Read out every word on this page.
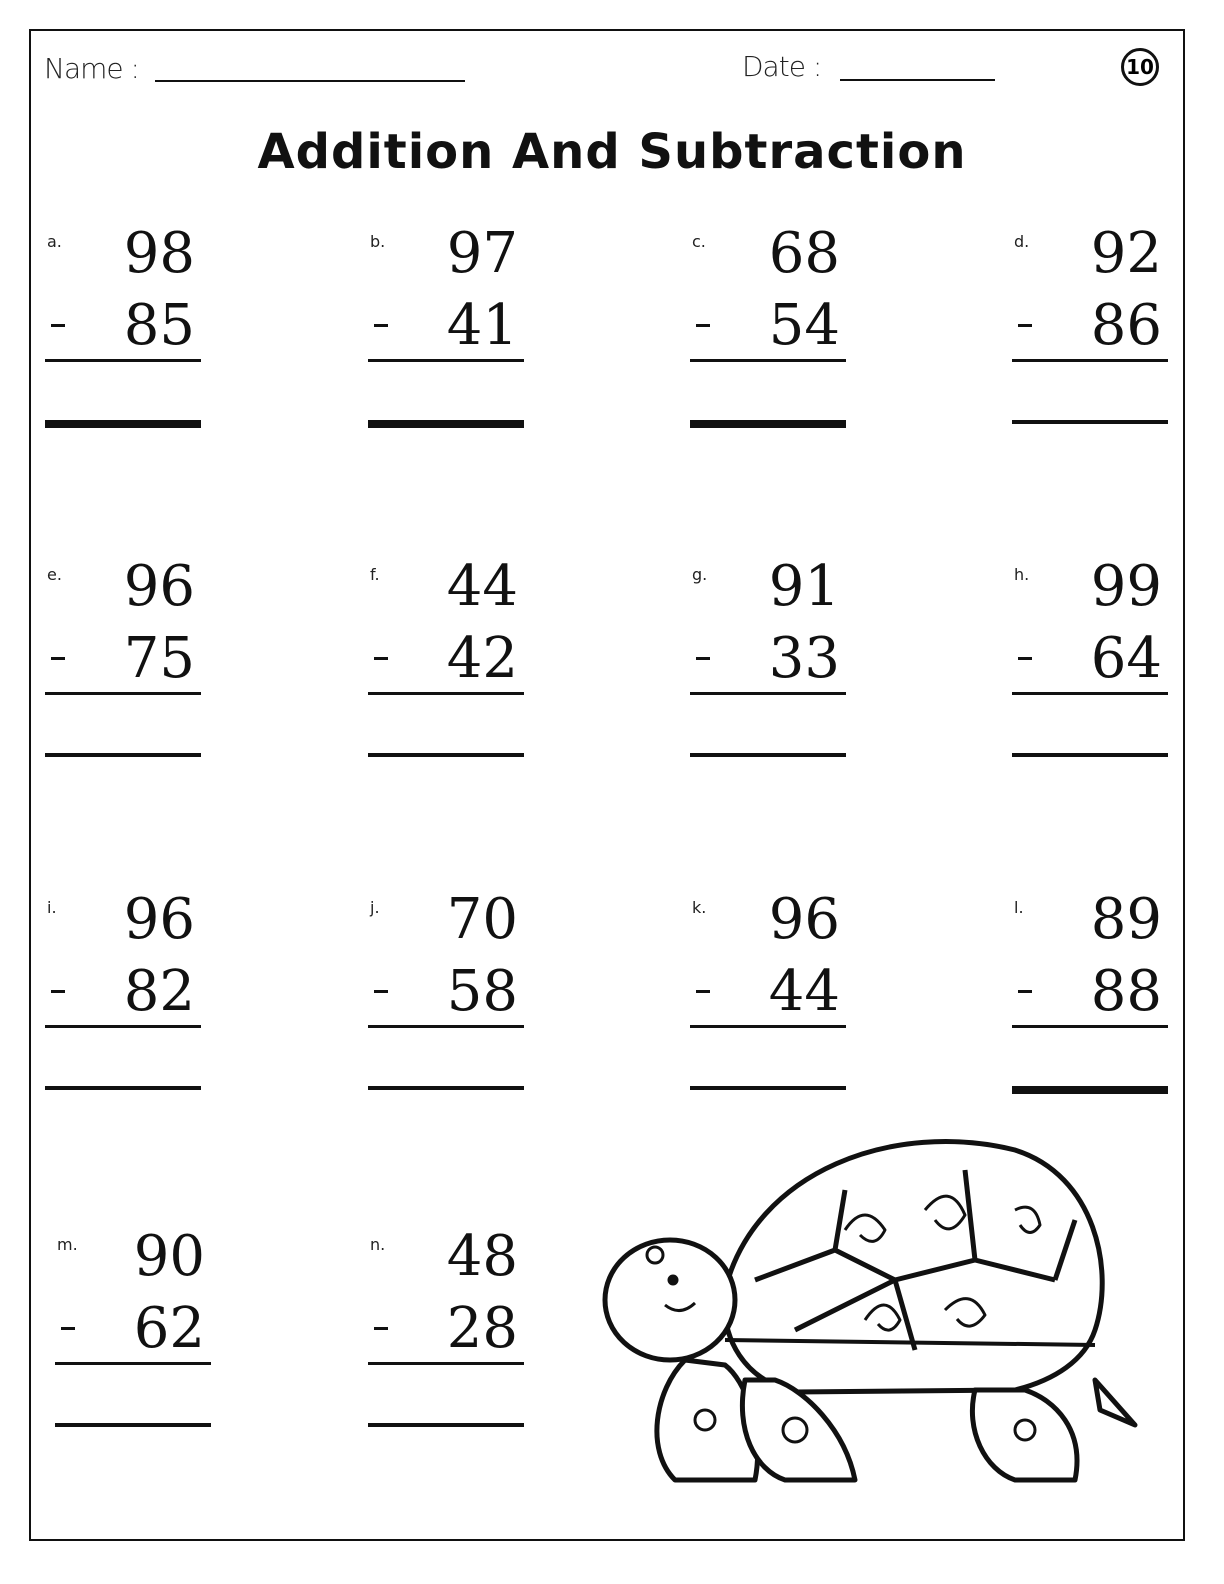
Name :	Date :	10
Addition And Subtraction
a. 98
85
b. 97
41
c. 68
54
d. 92
86
e. 96
75
f. 44
42
g. 91
33
h. 99
64
i. 96
82
j. 70
58
k. 96
44
l. 89
88
m. 90
62
n. 48
28
